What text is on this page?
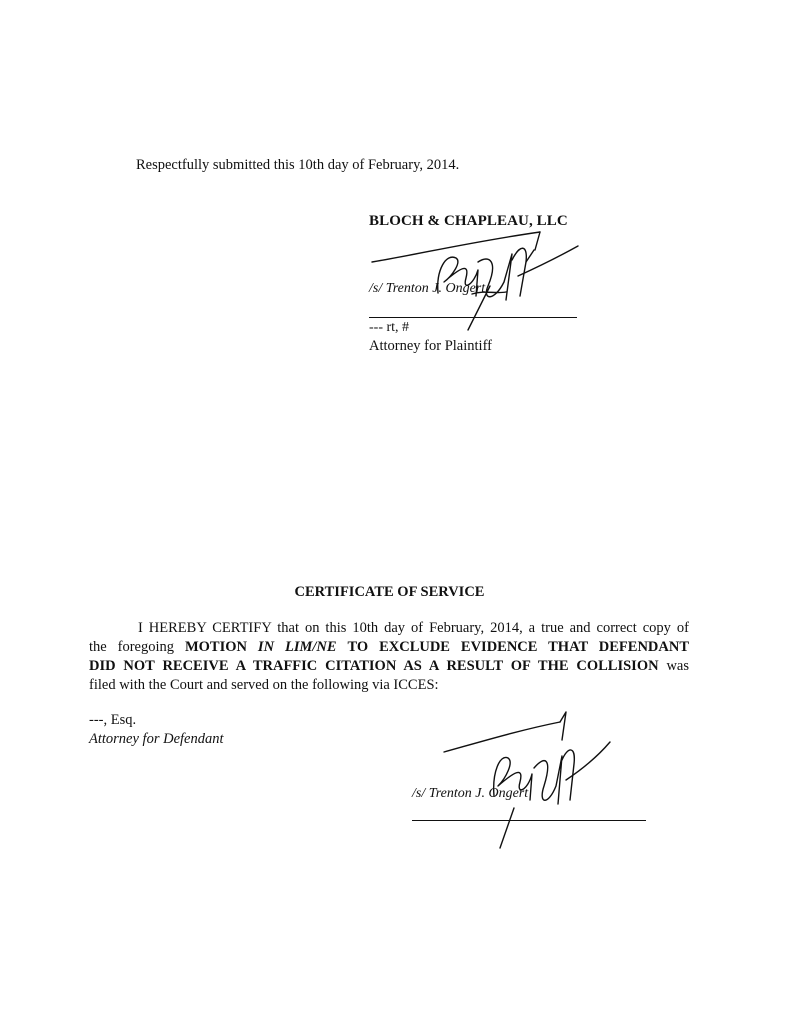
Respectfully submitted this 10th day of February, 2014.
BLOCH & CHAPLEAU, LLC
/s/ Trenton J. Ongert
--- rt, #
Attorney for Plaintiff
CERTIFICATE OF SERVICE
I HEREBY CERTIFY that on this 10th day of February, 2014, a true and correct copy of
the foregoing MOTION IN LIM/NE TO EXCLUDE EVIDENCE THAT DEFENDANT
DID NOT RECEIVE A TRAFFIC CITATION AS A RESULT OF THE COLLISION was
filed with the Court and served on the following via ICCES:
---, Esq.
Attorney for Defendant
/s/ Trenton J. Ongert
